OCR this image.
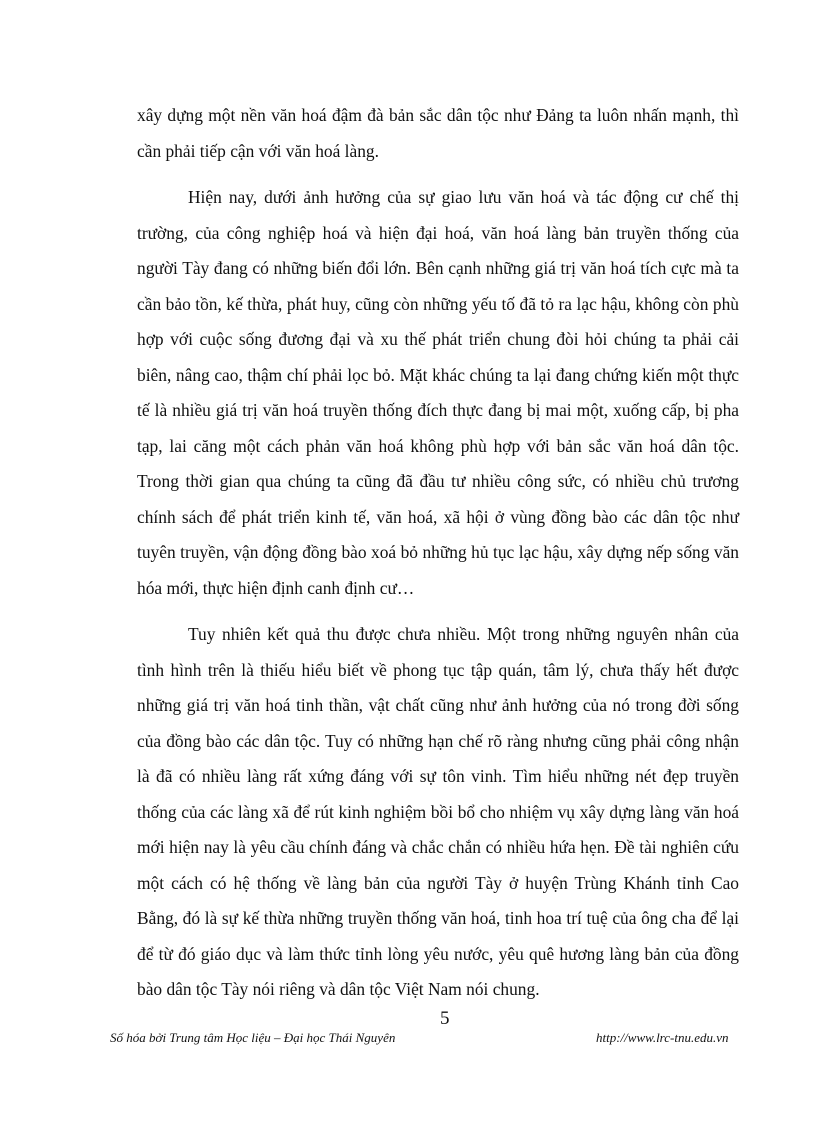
xây dựng một nền văn hoá đậm đà bản sắc dân tộc như Đảng ta luôn nhấn mạnh, thì cần phải tiếp cận với văn hoá làng.

Hiện nay, dưới ảnh hưởng của sự giao lưu văn hoá và tác động cư chế thị trường, của công nghiệp hoá và hiện đại hoá, văn hoá làng bản truyền thống của người Tày đang có những biến đổi lớn. Bên cạnh những giá trị văn hoá tích cực mà ta cần bảo tồn, kế thừa, phát huy, cũng còn những yếu tố đã tỏ ra lạc hậu, không còn phù hợp với cuộc sống đương đại và xu thế phát triển chung đòi hỏi chúng ta phải cải biên, nâng cao, thậm chí phải lọc bỏ. Mặt khác chúng ta lại đang chứng kiến một thực tế là nhiều giá trị văn hoá truyền thống đích thực đang bị mai một, xuống cấp, bị pha tạp, lai căng một cách phản văn hoá không phù hợp với bản sắc văn hoá dân tộc. Trong thời gian qua chúng ta cũng đã đầu tư nhiều công sức, có nhiều chủ trương chính sách để phát triển kinh tế, văn hoá, xã hội ở vùng đồng bào các dân tộc như tuyên truyền, vận động đồng bào xoá bỏ những hủ tục lạc hậu, xây dựng nếp sống văn hóa mới, thực hiện định canh định cư…

Tuy nhiên kết quả thu được chưa nhiều. Một trong những nguyên nhân của tình hình trên là thiếu hiểu biết về phong tục tập quán, tâm lý, chưa thấy hết được những giá trị văn hoá tinh thần, vật chất cũng như ảnh hưởng của nó trong đời sống của đồng bào các dân tộc. Tuy có những hạn chế rõ ràng nhưng cũng phải công nhận là đã có nhiều làng rất xứng đáng với sự tôn vinh. Tìm hiểu những nét đẹp truyền thống của các làng xã để rút kinh nghiệm bồi bổ cho nhiệm vụ xây dựng làng văn hoá mới hiện nay là yêu cầu chính đáng và chắc chắn có nhiều hứa hẹn. Đề tài nghiên cứu một cách có hệ thống về làng bản của người Tày ở huyện Trùng Khánh tỉnh Cao Bằng, đó là sự kế thừa những truyền thống văn hoá, tinh hoa trí tuệ của ông cha để lại để từ đó giáo dục và làm thức tỉnh lòng yêu nước, yêu quê hương làng bản của đồng bào dân tộc Tày nói riêng và dân tộc Việt Nam nói chung.

5
Số hóa bởi Trung tâm Học liệu – Đại học Thái Nguyên	http://www.lrc-tnu.edu.vn
